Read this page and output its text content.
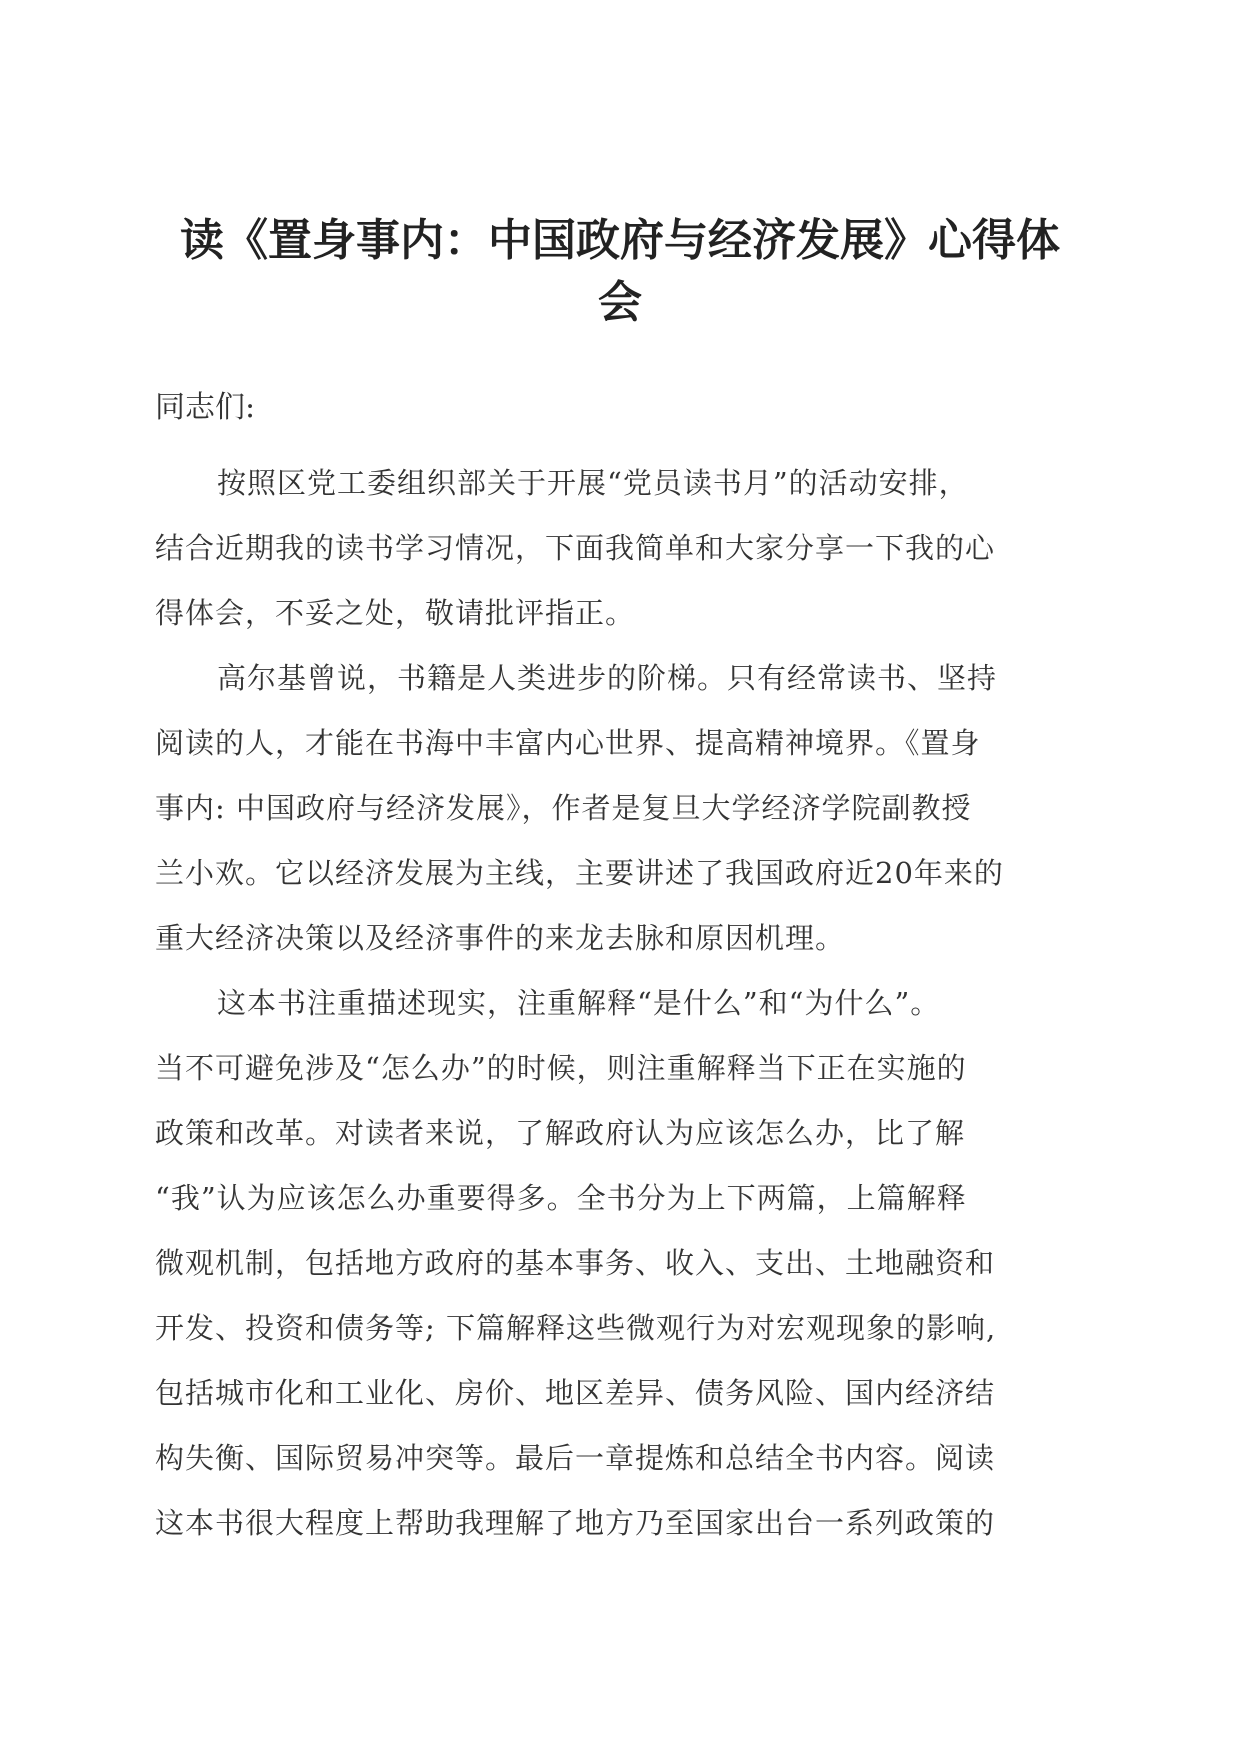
读《置身事内：中国政府与经济发展》心得体
会

同志们:

按照区党工委组织部关于开展“党员读书月”的活动安排，
结合近期我的读书学习情况，下面我简单和大家分享一下我的心
得体会，不妥之处，敬请批评指正。

高尔基曾说，书籍是人类进步的阶梯。只有经常读书、坚持
阅读的人，才能在书海中丰富内心世界、提高精神境界。《置身
事内: 中国政府与经济发展》，作者是复旦大学经济学院副教授
兰小欢。它以经济发展为主线，主要讲述了我国政府近20年来的
重大经济决策以及经济事件的来龙去脉和原因机理。

这本书注重描述现实，注重解释“是什么”和“为什么”。
当不可避免涉及“怎么办”的时候，则注重解释当下正在实施的
政策和改革。对读者来说，了解政府认为应该怎么办，比了解
“我”认为应该怎么办重要得多。全书分为上下两篇，上篇解释
微观机制，包括地方政府的基本事务、收入、支出、土地融资和
开发、投资和债务等; 下篇解释这些微观行为对宏观现象的影响,
包括城市化和工业化、房价、地区差异、债务风险、国内经济结
构失衡、国际贸易冲突等。最后一章提炼和总结全书内容。阅读
这本书很大程度上帮助我理解了地方乃至国家出台一系列政策的
